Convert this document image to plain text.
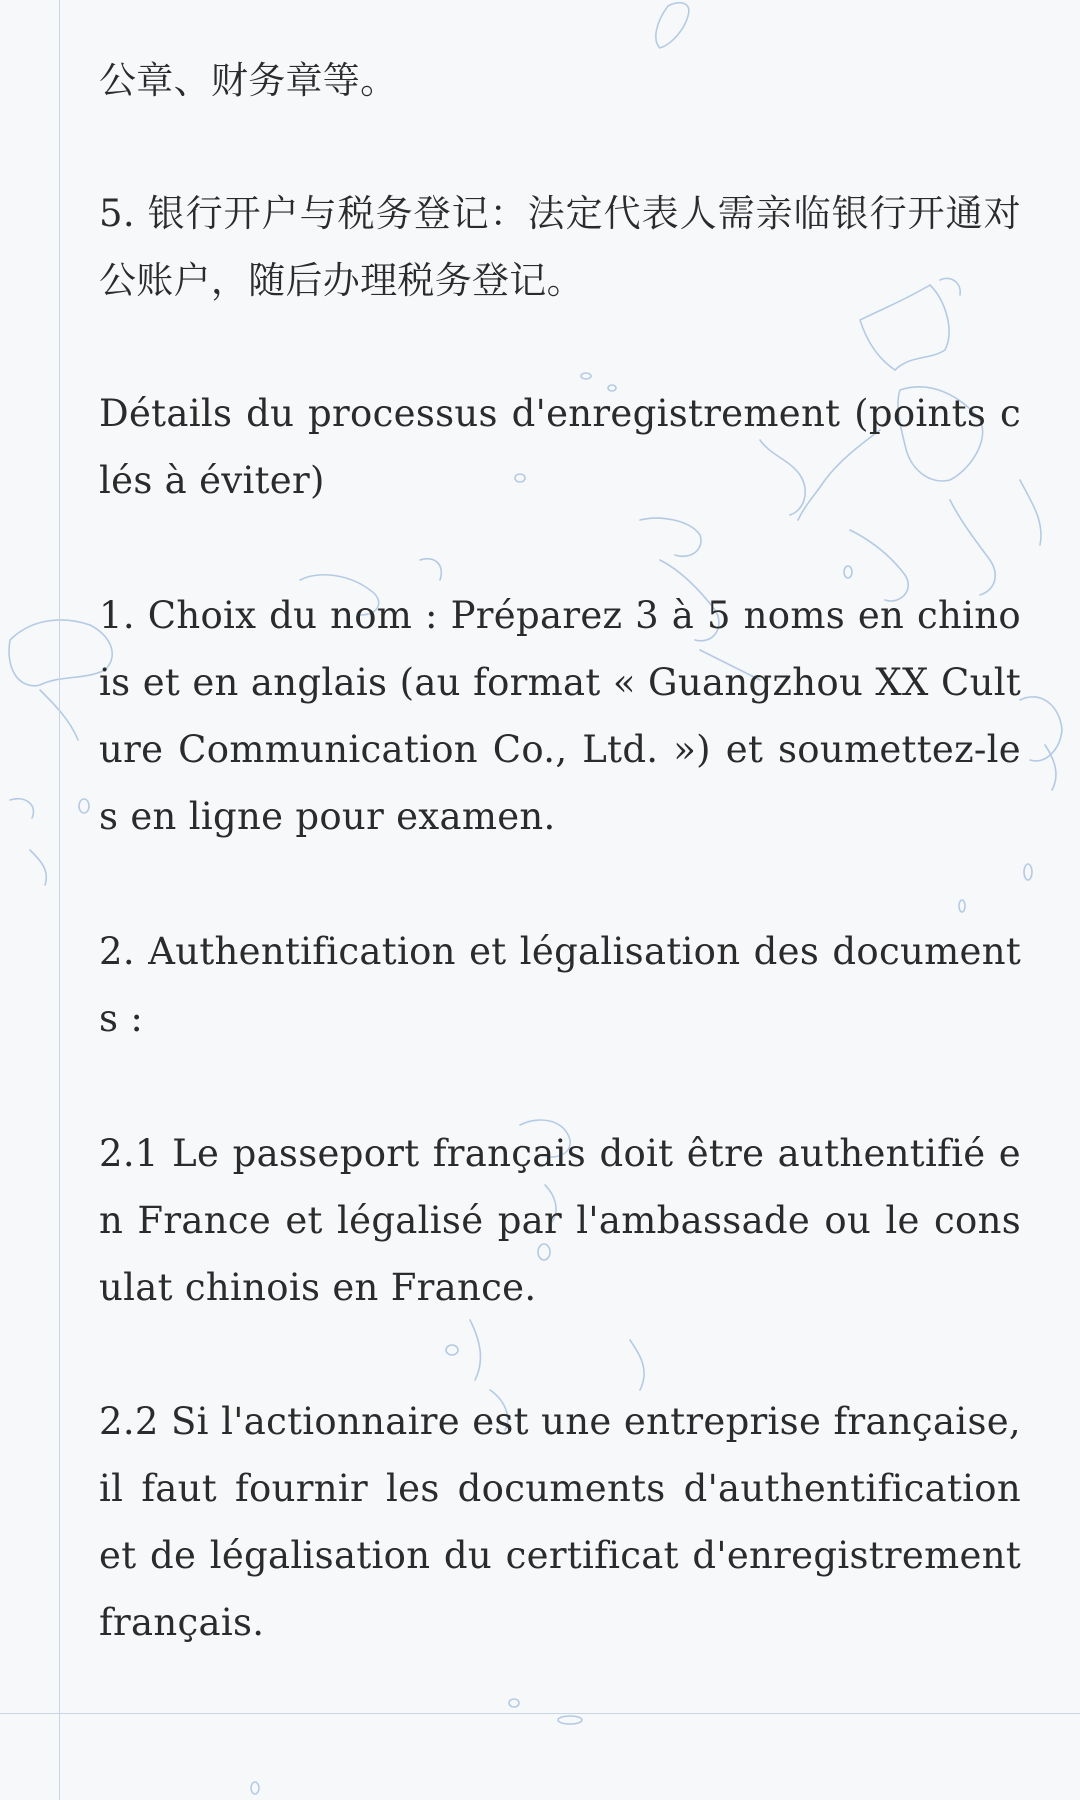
公章、财务章等。

5. 银行开户与税务登记：法定代表人需亲临银行开通对公账户，随后办理税务登记。

Détails du processus d'enregistrement (points clés à éviter)

1. Choix du nom : Préparez 3 à 5 noms en chinois et en anglais (au format « Guangzhou XX Culture Communication Co., Ltd. ») et soumettez-les en ligne pour examen.

2. Authentification et légalisation des documents :

2.1 Le passeport français doit être authentifié en France et légalisé par l'ambassade ou le consulat chinois en France.

2.2 Si l'actionnaire est une entreprise française, il faut fournir les documents d'authentification et de légalisation du certificat d'enregistrement français.
